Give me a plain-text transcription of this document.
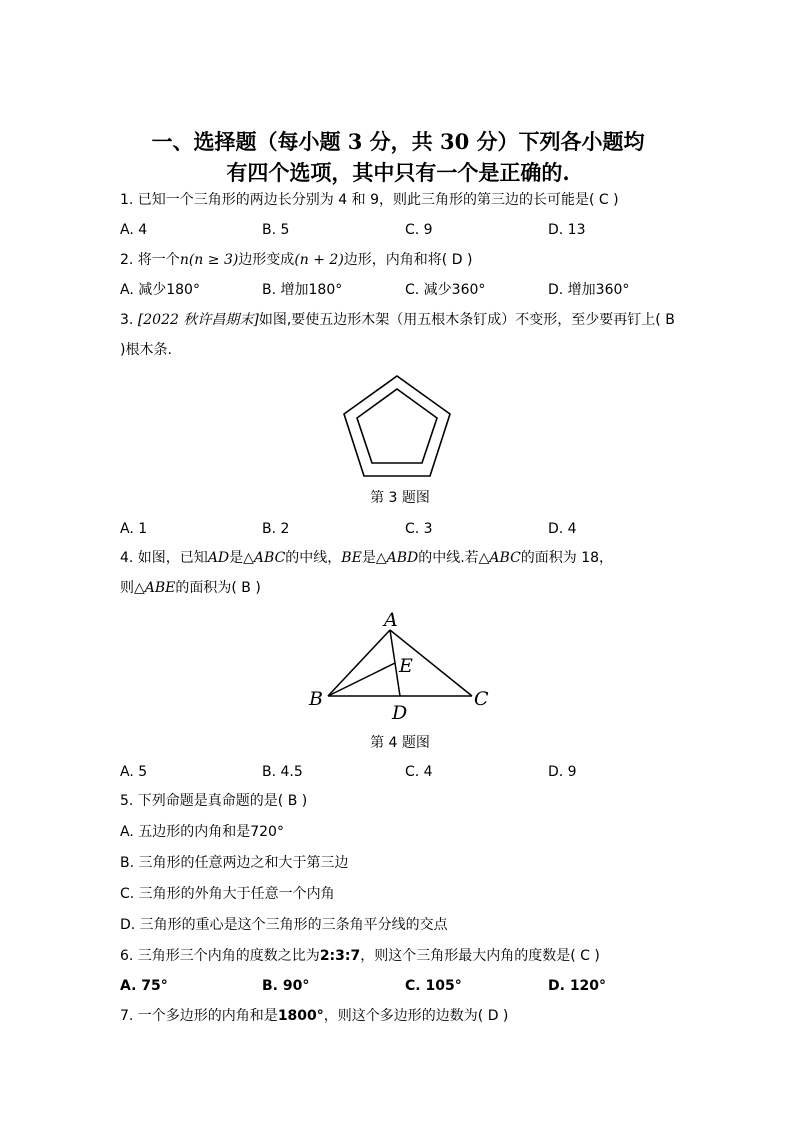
一、选择题（每小题 3 分，共 30 分）下列各小题均
有四个选项，其中只有一个是正确的.
1. 已知一个三角形的两边长分别为 4 和 9，则此三角形的第三边的长可能是( C )
A. 4	B. 5	C. 9	D. 13
2. 将一个n(n ≥ 3)边形变成(n + 2)边形，内角和将( D )
A. 减少180°	B. 增加180°	C. 减少360°	D. 增加360°
3. [2022 秋许昌期末]如图,要使五边形木架（用五根木条钉成）不变形，至少要再钉上( B )根木条.
第 3 题图
A. 1	B. 2	C. 3	D. 4
4. 如图，已知AD是△ABC的中线，BE是△ABD的中线.若△ABC的面积为 18，
则△ABE的面积为( B )
A
E
B
D
C
第 4 题图
A. 5	B. 4.5	C. 4	D. 9
5. 下列命题是真命题的是( B )
A. 五边形的内角和是720°
B. 三角形的任意两边之和大于第三边
C. 三角形的外角大于任意一个内角
D. 三角形的重心是这个三角形的三条角平分线的交点
6. 三角形三个内角的度数之比为2:3:7，则这个三角形最大内角的度数是( C )
A. 75°	B. 90°	C. 105°	D. 120°
7. 一个多边形的内角和是1800°，则这个多边形的边数为( D )
